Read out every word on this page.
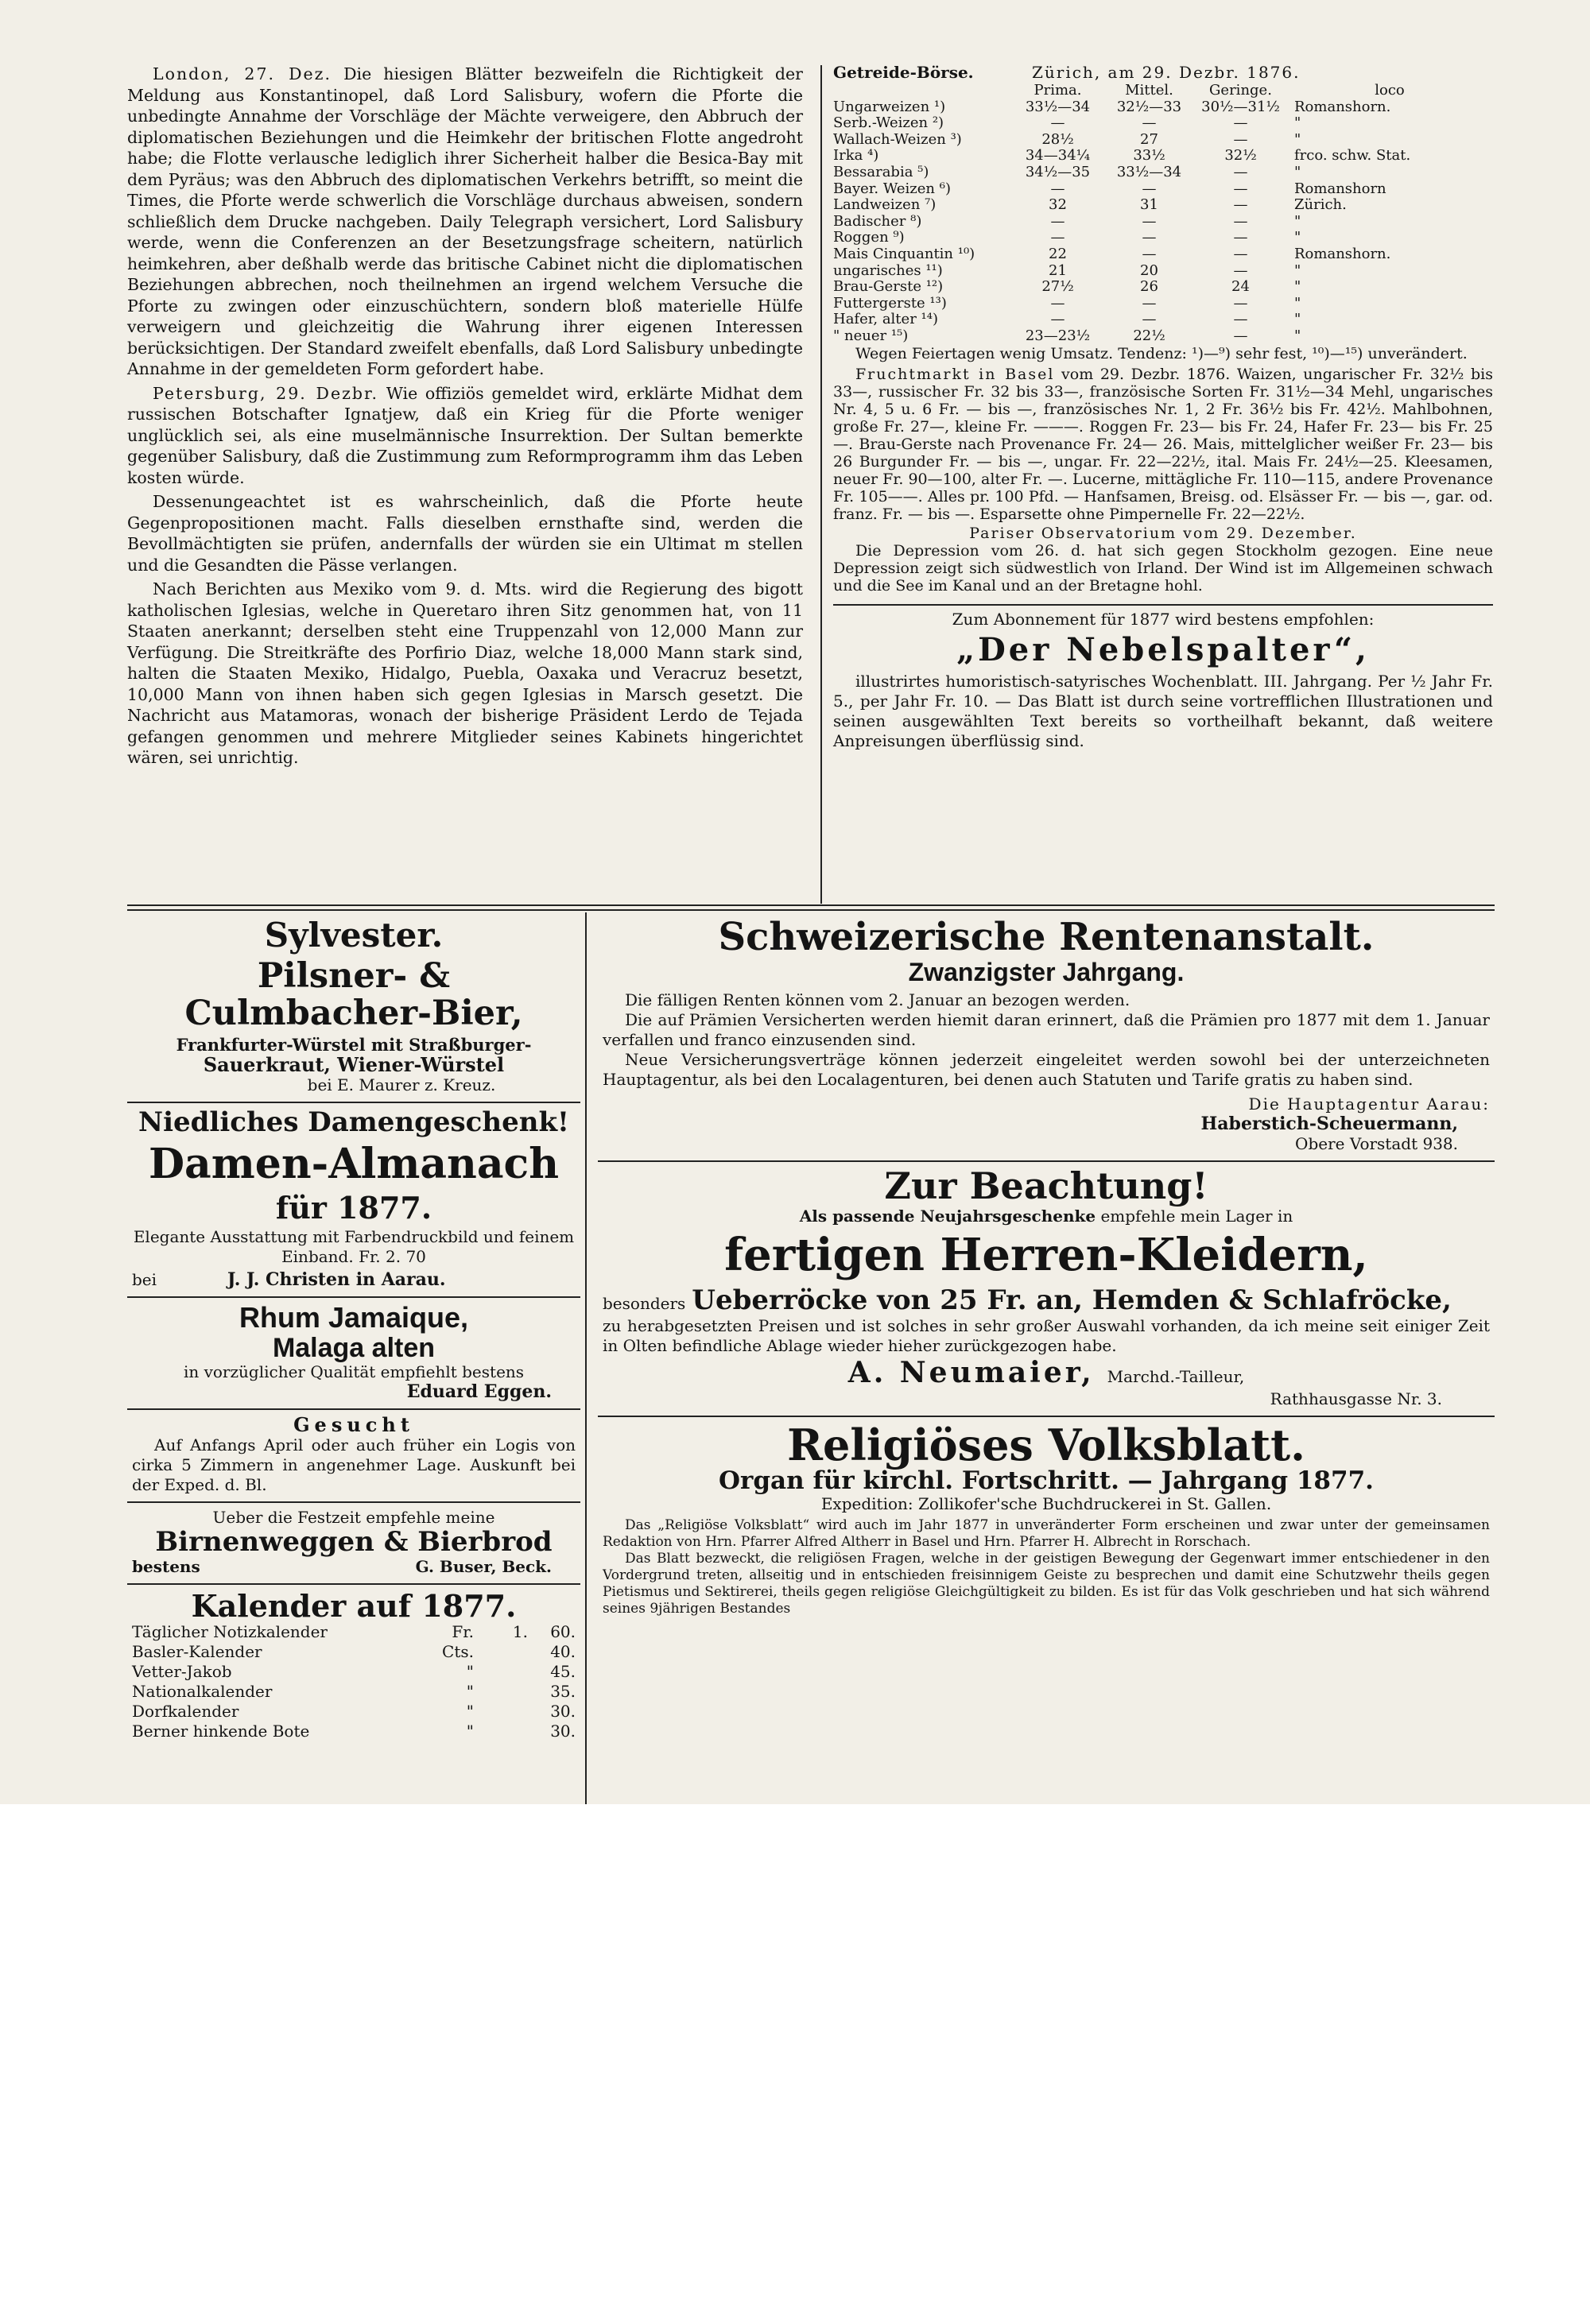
London, 27. Dez. Die hiesigen Blätter bezweifeln die Richtigkeit der Meldung aus Konstantinopel, daß Lord Salisbury, wofern die Pforte die unbedingte Annahme der Vorschläge der Mächte verweigere, den Abbruch der diplomatischen Beziehungen und die Heimkehr der britischen Flotte angedroht habe; die Flotte verlausche lediglich ihrer Sicherheit halber die Besica-Bay mit dem Pyräus; was den Abbruch des diplomatischen Verkehrs betrifft, so meint die Times, die Pforte werde schwerlich die Vorschläge durchaus abweisen, sondern schließlich dem Drucke nachgeben. Daily Telegraph versichert, Lord Salisbury werde, wenn die Conferenzen an der Besetzungsfrage scheitern, natürlich heimkehren, aber deßhalb werde das britische Cabinet nicht die diplomatischen Beziehungen abbrechen, noch theilnehmen an irgend welchem Versuche die Pforte zu zwingen oder einzuschüchtern, sondern bloß materielle Hülfe verweigern und gleichzeitig die Wahrung ihrer eigenen Interessen berücksichtigen. Der Standard zweifelt ebenfalls, daß Lord Salisbury unbedingte Annahme in der gemeldeten Form gefordert habe.

Petersburg, 29. Dezbr. Wie offiziös gemeldet wird, erklärte Midhat dem russischen Botschafter Ignatjew, daß ein Krieg für die Pforte weniger unglücklich sei, als eine muselmännische Insurrektion. Der Sultan bemerkte gegenüber Salisbury, daß die Zustimmung zum Reformprogramm ihm das Leben kosten würde.

Dessenungeachtet ist es wahrscheinlich, daß die Pforte heute Gegenpropositionen macht. Falls dieselben ernsthafte sind, werden die Bevollmächtigten sie prüfen, andernfalls der würden sie ein Ultimat m stellen und die Gesandten die Pässe verlangen.

Nach Berichten aus Mexiko vom 9. d. Mts. wird die Regierung des bigott katholischen Iglesias, welche in Queretaro ihren Sitz genommen hat, von 11 Staaten anerkannt; derselben steht eine Truppenzahl von 12,000 Mann zur Verfügung. Die Streitkräfte des Porfirio Diaz, welche 18,000 Mann stark sind, halten die Staaten Mexiko, Hidalgo, Puebla, Oaxaka und Veracruz besetzt, 10,000 Mann von ihnen haben sich gegen Iglesias in Marsch gesetzt. Die Nachricht aus Matamoras, wonach der bisherige Präsident Lerdo de Tejada gefangen genommen und mehrere Mitglieder seines Kabinets hingerichtet wären, sei unrichtig.

Getreide-Börse.	Zürich, am 29. Dezbr. 1876.
	Prima.	Mittel.	Geringe.	loco
Ungarweizen ¹)	33½—34	32½—33	30½—31½	Romanshorn.
Serb.-Weizen ²)	—	—	—	"
Wallach-Weizen ³)	28½	27	—	"
Irka ⁴)	34—34¼	33½	32½	frco. schw. Stat.
Bessarabia ⁵)	34½—35	33½—34	—	"
Bayer. Weizen ⁶)	—	—	—	Romanshorn
Landweizen ⁷)	32	31	—	Zürich.
Badischer ⁸)	—	—	—	"
Roggen ⁹)	—	—	—	"
Mais Cinquantin ¹⁰)	22	—	—	Romanshorn.
ungarisches ¹¹)	21	20	—	"
Brau-Gerste ¹²)	27½	26	24	"
Futtergerste ¹³)	—	—	—	"
Hafer, alter ¹⁴)	—	—	—	"
" neuer ¹⁵)	23—23½	22½	—	"

Wegen Feiertagen wenig Umsatz. Tendenz: ¹)—⁹) sehr fest, ¹⁰)—¹⁵) unverändert.

Fruchtmarkt in Basel vom 29. Dezbr. 1876. Waizen, ungarischer Fr. 32½ bis 33—, russischer Fr. 32 bis 33—, französische Sorten Fr. 31½—34 Mehl, ungarisches Nr. 4, 5 u. 6 Fr. — bis —, französisches Nr. 1, 2 Fr. 36½ bis Fr. 42½. Mahlbohnen, große Fr. 27—, kleine Fr. ———. Roggen Fr. 23— bis Fr. 24, Hafer Fr. 23— bis Fr. 25—. Brau-Gerste nach Provenance Fr. 24— 26. Mais, mittelglicher weißer Fr. 23— bis 26 Burgunder Fr. — bis —, ungar. Fr. 22—22½, ital. Mais Fr. 24½—25. Kleesamen, neuer Fr. 90—100, alter Fr. —. Lucerne, mittägliche Fr. 110—115, andere Provenance Fr. 105——. Alles pr. 100 Pfd. — Hanfsamen, Breisg. od. Elsässer Fr. — bis —, gar. od. franz. Fr. — bis —. Esparsette ohne Pimpernelle Fr. 22—22½.

Pariser Observatorium vom 29. Dezember.

Die Depression vom 26. d. hat sich gegen Stockholm gezogen. Eine neue Depression zeigt sich südwestlich von Irland. Der Wind ist im Allgemeinen schwach und die See im Kanal und an der Bretagne hohl.

Zum Abonnement für 1877 wird bestens empfohlen:

„Der Nebelspalter“,

illustrirtes humoristisch-satyrisches Wochenblatt. III. Jahrgang. Per ½ Jahr Fr. 5., per Jahr Fr. 10. — Das Blatt ist durch seine vortrefflichen Illustrationen und seinen ausgewählten Text bereits so vortheilhaft bekannt, daß weitere Anpreisungen überflüssig sind.

Sylvester.
Pilsner- & Culmbacher-Bier,
Frankfurter-Würstel mit Straßburger-
Sauerkraut, Wiener-Würstel
bei E. Maurer z. Kreuz.
Niedliches Damengeschenk!
Damen-Almanach
für 1877.
Elegante Ausstattung mit Farbendruckbild und feinem Einband. Fr. 2. 70
bei	J. J. Christen in Aarau.
Rhum Jamaique,
Malaga alten
in vorzüglicher Qualität empfiehlt bestens
Eduard Eggen.
Gesucht
Auf Anfangs April oder auch früher ein Logis von cirka 5 Zimmern in angenehmer Lage. Auskunft bei der Exped. d. Bl.
Ueber die Festzeit empfehle meine
Birnenweggen & Bierbrod
bestens	G. Buser, Beck.
Kalender auf 1877.
Täglicher Notizkalender	Fr.	1.	60.
Basler-Kalender	Cts.		40.
Vetter-Jakob	"		45.
Nationalkalender	"		35.
Dorfkalender	"		30.
Berner hinkende Bote	"		30.
Schweizerische Rentenanstalt.
Zwanzigster Jahrgang.

Die fälligen Renten können vom 2. Januar an bezogen werden.

Die auf Prämien Versicherten werden hiemit daran erinnert, daß die Prämien pro 1877 mit dem 1. Januar verfallen und franco einzusenden sind.

Neue Versicherungsverträge können jederzeit eingeleitet werden sowohl bei der unterzeichneten Hauptagentur, als bei den Localagenturen, bei denen auch Statuten und Tarife gratis zu haben sind.

Die Hauptagentur Aarau:
Haberstich-Scheuermann,
Obere Vorstadt 938.
Zur Beachtung!
Als passende Neujahrsgeschenke empfehle mein Lager in
fertigen Herren-Kleidern,
besonders Ueberröcke von 25 Fr. an, Hemden & Schlafröcke,

zu herabgesetzten Preisen und ist solches in sehr großer Auswahl vorhanden, da ich meine seit einiger Zeit in Olten befindliche Ablage wieder hieher zurückgezogen habe.

A. Neumaier, Marchd.-Tailleur,
Rathhausgasse Nr. 3.
Religiöses Volksblatt.
Organ für kirchl. Fortschritt. — Jahrgang 1877.
Expedition: Zollikofer'sche Buchdruckerei in St. Gallen.

Das „Religiöse Volksblatt“ wird auch im Jahr 1877 in unveränderter Form erscheinen und zwar unter der gemeinsamen Redaktion von Hrn. Pfarrer Alfred Altherr in Basel und Hrn. Pfarrer H. Albrecht in Rorschach.

Das Blatt bezweckt, die religiösen Fragen, welche in der geistigen Bewegung der Gegenwart immer entschiedener in den Vordergrund treten, allseitig und in entschieden freisinnigem Geiste zu besprechen und damit eine Schutzwehr theils gegen Pietismus und Sektirerei, theils gegen religiöse Gleichgültigkeit zu bilden. Es ist für das Volk geschrieben und hat sich während seines 9jährigen Bestandes
